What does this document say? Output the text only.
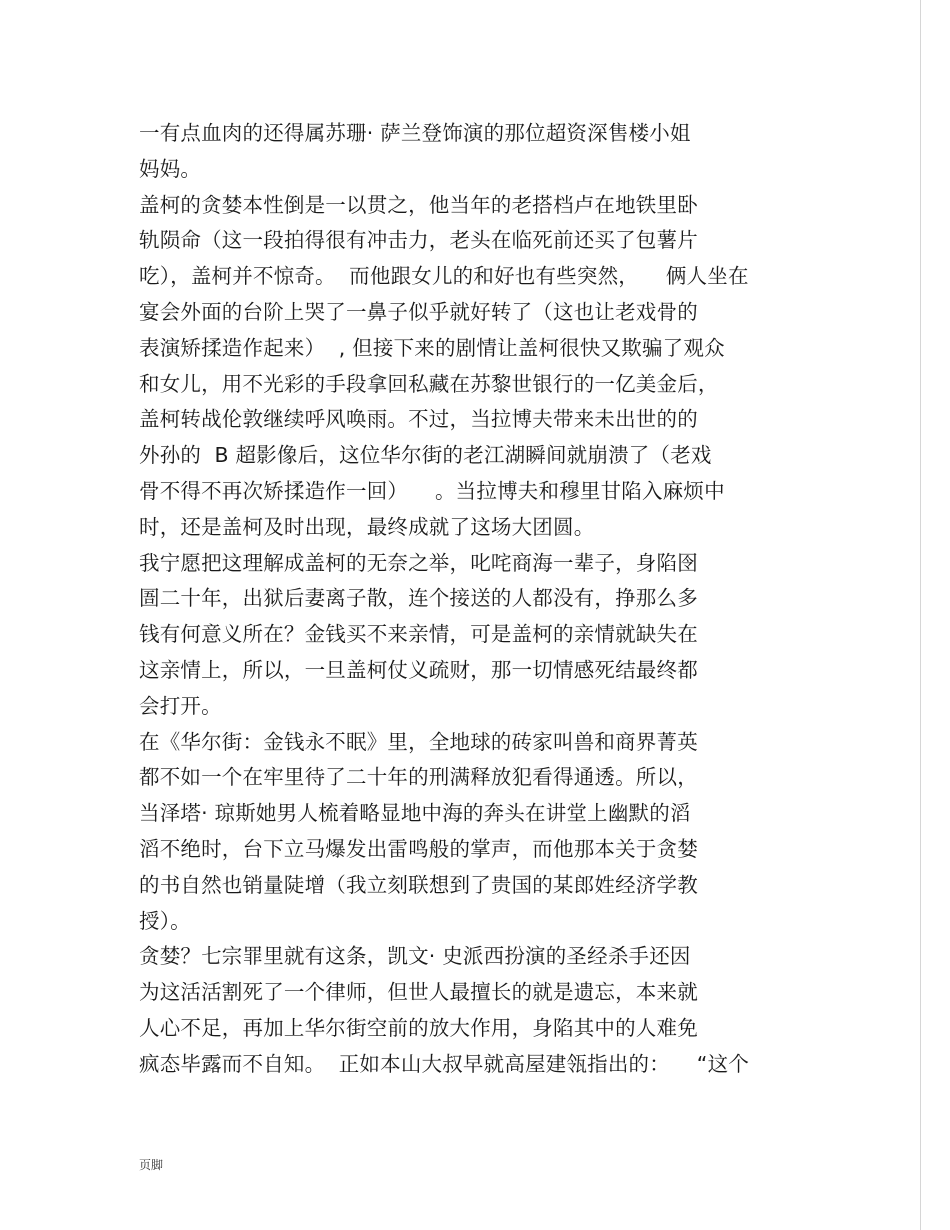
一有点血肉的还得属苏珊· 萨兰登饰演的那位超资深售楼小姐
妈妈。
盖柯的贪婪本性倒是一以贯之，他当年的老搭档卢在地铁里卧
轨陨命（这一段拍得很有冲击力，老头在临死前还买了包薯片
吃），盖柯并不惊奇。  而他跟女儿的和好也有些突然，    俩人坐在
宴会外面的台阶上哭了一鼻子似乎就好转了（这也让老戏骨的
表演矫揉造作起来）  , 但接下来的剧情让盖柯很快又欺骗了观众
和女儿，用不光彩的手段拿回私藏在苏黎世银行的一亿美金后，
盖柯转战伦敦继续呼风唤雨。不过，当拉博夫带来未出世的的
外孙的  B 超影像后，这位华尔街的老江湖瞬间就崩溃了（老戏
骨不得不再次矫揉造作一回）    。当拉博夫和穆里甘陷入麻烦中
时，还是盖柯及时出现，最终成就了这场大团圆。
我宁愿把这理解成盖柯的无奈之举，叱咤商海一辈子，身陷囹
圄二十年，出狱后妻离子散，连个接送的人都没有，挣那么多
钱有何意义所在？金钱买不来亲情，可是盖柯的亲情就缺失在
这亲情上，所以，一旦盖柯仗义疏财，那一切情感死结最终都
会打开。
在《华尔街：金钱永不眠》里，全地球的砖家叫兽和商界菁英
都不如一个在牢里待了二十年的刑满释放犯看得通透。所以，
当泽塔· 琼斯她男人梳着略显地中海的奔头在讲堂上幽默的滔
滔不绝时，台下立马爆发出雷鸣般的掌声，而他那本关于贪婪
的书自然也销量陡增（我立刻联想到了贵国的某郎姓经济学教
授）。
贪婪？七宗罪里就有这条，凯文· 史派西扮演的圣经杀手还因
为这活活割死了一个律师，但世人最擅长的就是遗忘，本来就
人心不足，再加上华尔街空前的放大作用，身陷其中的人难免
疯态毕露而不自知。  正如本山大叔早就高屋建瓴指出的：    “这个
页脚
